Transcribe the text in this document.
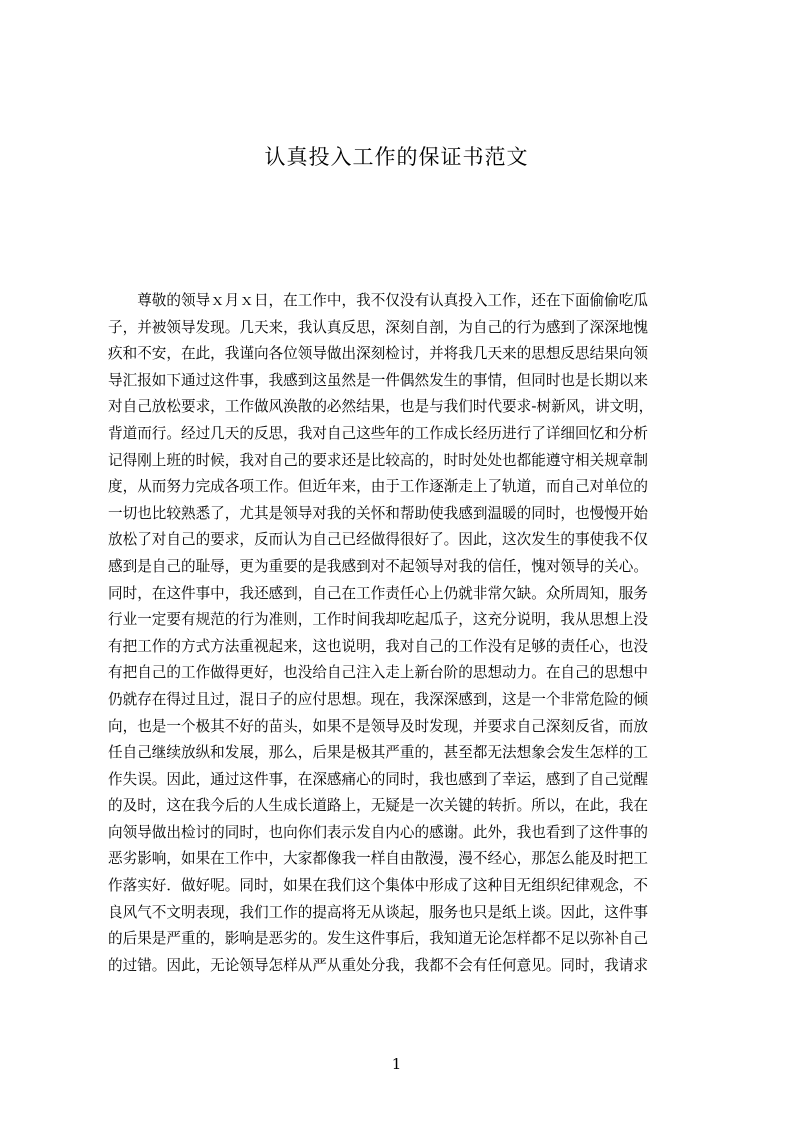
认真投入工作的保证书范文
　　尊敬的领导ｘ月ｘ日，在工作中，我不仅没有认真投入工作，还在下面偷偷吃瓜
子，并被领导发现。几天来，我认真反思，深刻自剖，为自己的行为感到了深深地愧
疚和不安，在此，我谨向各位领导做出深刻检讨，并将我几天来的思想反思结果向领
导汇报如下通过这件事，我感到这虽然是一件偶然发生的事情，但同时也是长期以来
对自己放松要求，工作做风涣散的必然结果，也是与我们时代要求-树新风，讲文明，
背道而行。经过几天的反思，我对自己这些年的工作成长经历进行了详细回忆和分析
记得刚上班的时候，我对自己的要求还是比较高的，时时处处也都能遵守相关规章制
度，从而努力完成各项工作。但近年来，由于工作逐渐走上了轨道，而自己对单位的
一切也比较熟悉了，尤其是领导对我的关怀和帮助使我感到温暖的同时，也慢慢开始
放松了对自己的要求，反而认为自己已经做得很好了。因此，这次发生的事使我不仅
感到是自己的耻辱，更为重要的是我感到对不起领导对我的信任，愧对领导的关心。
同时，在这件事中，我还感到，自己在工作责任心上仍就非常欠缺。众所周知，服务
行业一定要有规范的行为准则，工作时间我却吃起瓜子，这充分说明，我从思想上没
有把工作的方式方法重视起来，这也说明，我对自己的工作没有足够的责任心，也没
有把自己的工作做得更好，也没给自己注入走上新台阶的思想动力。在自己的思想中
仍就存在得过且过，混日子的应付思想。现在，我深深感到，这是一个非常危险的倾
向，也是一个极其不好的苗头，如果不是领导及时发现，并要求自己深刻反省，而放
任自己继续放纵和发展，那么，后果是极其严重的，甚至都无法想象会发生怎样的工
作失误。因此，通过这件事，在深感痛心的同时，我也感到了幸运，感到了自己觉醒
的及时，这在我今后的人生成长道路上，无疑是一次关键的转折。所以，在此，我在
向领导做出检讨的同时，也向你们表示发自内心的感谢。此外，我也看到了这件事的
恶劣影响，如果在工作中，大家都像我一样自由散漫，漫不经心，那怎么能及时把工
作落实好．做好呢。同时，如果在我们这个集体中形成了这种目无组织纪律观念，不
良风气不文明表现，我们工作的提高将无从谈起，服务也只是纸上谈。因此，这件事
的后果是严重的，影响是恶劣的。发生这件事后，我知道无论怎样都不足以弥补自己
的过错。因此，无论领导怎样从严从重处分我，我都不会有任何意见。同时，我请求
1
